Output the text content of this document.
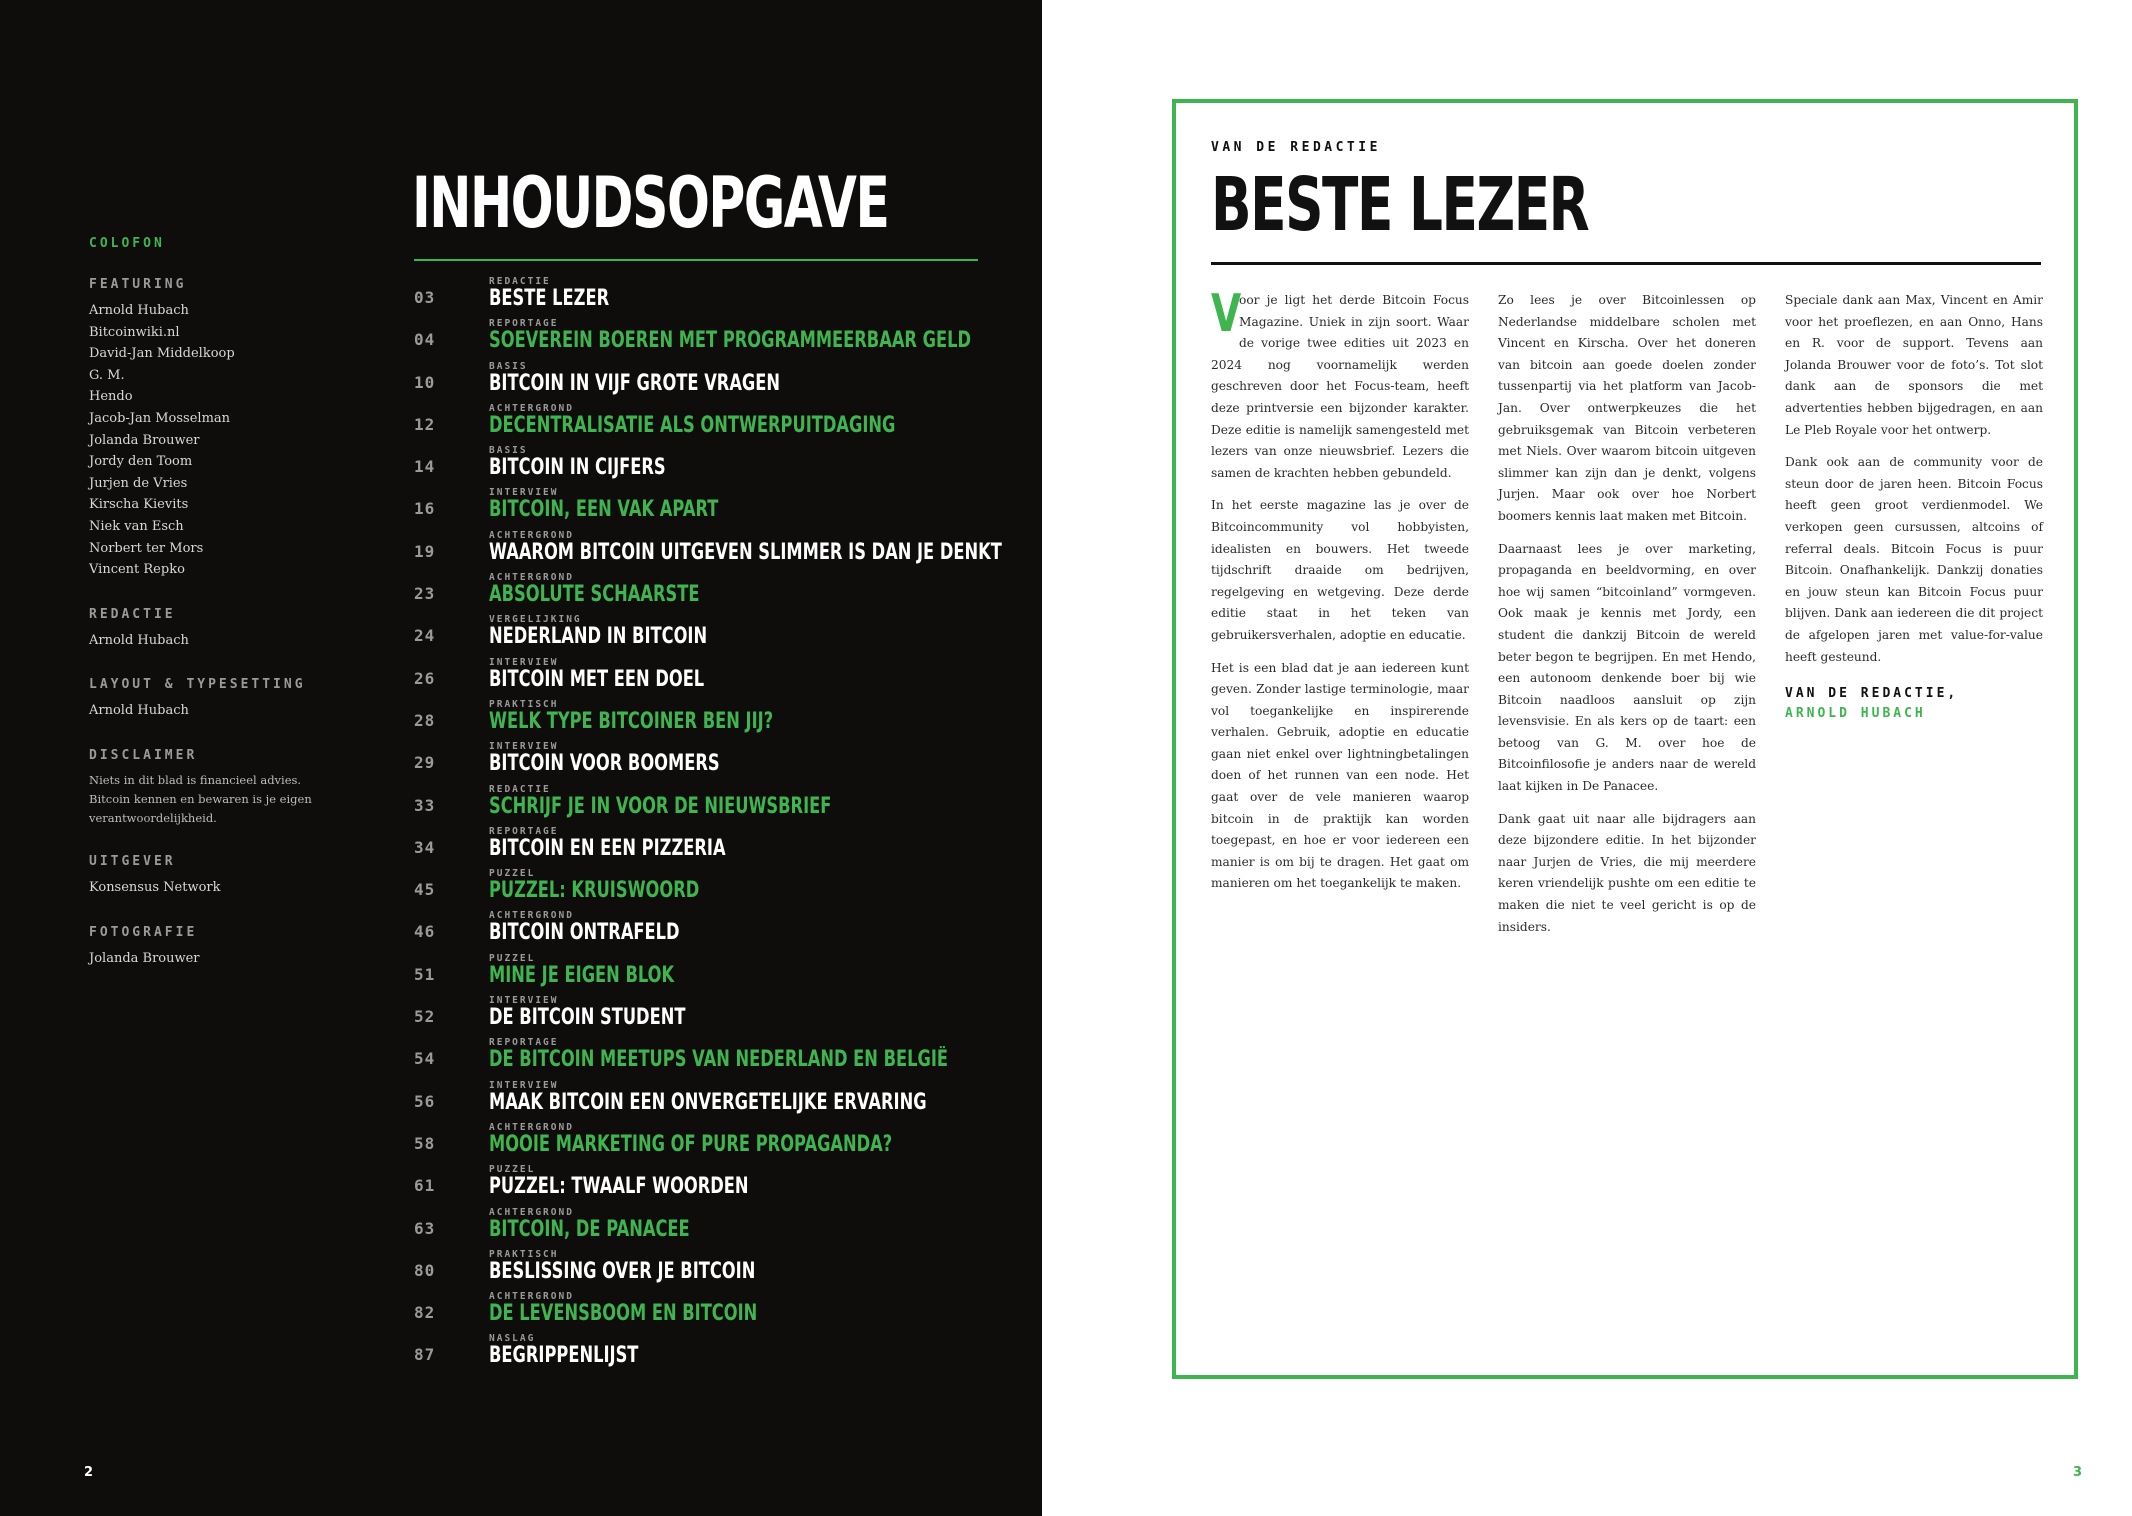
COLOFON
FEATURING
Arnold Hubach
Bitcoinwiki.nl
David-Jan Middelkoop
G. M.
Hendo
Jacob-Jan Mosselman
Jolanda Brouwer
Jordy den Toom
Jurjen de Vries
Kirscha Kievits
Niek van Esch
Norbert ter Mors
Vincent Repko
REDACTIE
Arnold Hubach
LAYOUT & TYPESETTING
Arnold Hubach
DISCLAIMER
Niets in dit blad is financieel advies. Bitcoin kennen en bewaren is je eigen verantwoordelijkheid.
UITGEVER
Konsensus Network
FOTOGRAFIE
Jolanda Brouwer
INHOUDSOPGAVE
03
REDACTIE
BESTE LEZER
04
REPORTAGE
SOEVEREIN BOEREN MET PROGRAMMEERBAAR GELD
10
BASIS
BITCOIN IN VIJF GROTE VRAGEN
12
ACHTERGROND
DECENTRALISATIE ALS ONTWERPUITDAGING
14
BASIS
BITCOIN IN CIJFERS
16
INTERVIEW
BITCOIN, EEN VAK APART
19
ACHTERGROND
WAAROM BITCOIN UITGEVEN SLIMMER IS DAN JE DENKT
23
ACHTERGROND
ABSOLUTE SCHAARSTE
24
VERGELIJKING
NEDERLAND IN BITCOIN
26
INTERVIEW
BITCOIN MET EEN DOEL
28
PRAKTISCH
WELK TYPE BITCOINER BEN JIJ?
29
INTERVIEW
BITCOIN VOOR BOOMERS
33
REDACTIE
SCHRIJF JE IN VOOR DE NIEUWSBRIEF
34
REPORTAGE
BITCOIN EN EEN PIZZERIA
45
PUZZEL
PUZZEL: KRUISWOORD
46
ACHTERGROND
BITCOIN ONTRAFELD
51
PUZZEL
MINE JE EIGEN BLOK
52
INTERVIEW
DE BITCOIN STUDENT
54
REPORTAGE
DE BITCOIN MEETUPS VAN NEDERLAND EN BELGIË
56
INTERVIEW
MAAK BITCOIN EEN ONVERGETELIJKE ERVARING
58
ACHTERGROND
MOOIE MARKETING OF PURE PROPAGANDA?
61
PUZZEL
PUZZEL: TWAALF WOORDEN
63
ACHTERGROND
BITCOIN, DE PANACEE
80
PRAKTISCH
BESLISSING OVER JE BITCOIN
82
ACHTERGROND
DE LEVENSBOOM EN BITCOIN
87
NASLAG
BEGRIPPENLIJST
2
VAN DE REDACTIE
BESTE LEZER

V
oor je ligt het derde Bitcoin Focus Magazine. Uniek in zijn soort. Waar de vorige twee edities uit 2023 en 2024 nog voornamelijk werden geschreven door het Focus-team, heeft deze printversie een bijzonder karakter. Deze editie is namelijk samengesteld met lezers van onze nieuwsbrief. Lezers die samen de krachten hebben gebundeld.

In het eerste magazine las je over de Bitcoincommunity vol hobbyisten, idealisten en bouwers. Het tweede tijdschrift draaide om bedrijven, regelgeving en wetgeving. Deze derde editie staat in het teken van gebruikersverhalen, adoptie en educatie.

Het is een blad dat je aan iedereen kunt geven. Zonder lastige terminologie, maar vol toegankelijke en inspirerende verhalen. Gebruik, adoptie en educatie gaan niet enkel over lightningbetalingen doen of het runnen van een node. Het gaat over de vele manieren waarop bitcoin in de praktijk kan worden toegepast, en hoe er voor iedereen een manier is om bij te dragen. Het gaat om manieren om het toegankelijk te maken.

Zo lees je over Bitcoinlessen op Nederlandse middelbare scholen met Vincent en Kirscha. Over het doneren van bitcoin aan goede doelen zonder tussenpartij via het platform van Jacob-Jan. Over ontwerpkeuzes die het gebruiksgemak van Bitcoin verbeteren met Niels. Over waarom bitcoin uitgeven slimmer kan zijn dan je denkt, volgens Jurjen. Maar ook over hoe Norbert boomers kennis laat maken met Bitcoin.

Daarnaast lees je over marketing, propaganda en beeldvorming, en over hoe wij samen “bitcoinland” vormgeven. Ook maak je kennis met Jordy, een student die dankzij Bitcoin de wereld beter begon te begrijpen. En met Hendo, een autonoom denkende boer bij wie Bitcoin naadloos aansluit op zijn levensvisie. En als kers op de taart: een betoog van G. M. over hoe de Bitcoinfilosofie je anders naar de wereld laat kijken in De Panacee.

Dank gaat uit naar alle bijdragers aan deze bijzondere editie. In het bijzonder naar Jurjen de Vries, die mij meerdere keren vriendelijk pushte om een editie te maken die niet te veel gericht is op de insiders.

Speciale dank aan Max, Vincent en Amir voor het proeflezen, en aan Onno, Hans en R. voor de support. Tevens aan Jolanda Brouwer voor de foto’s. Tot slot dank aan de sponsors die met advertenties hebben bijgedragen, en aan Le Pleb Royale voor het ontwerp.

Dank ook aan de community voor de steun door de jaren heen. Bitcoin Focus heeft geen groot verdienmodel. We verkopen geen cursussen, altcoins of referral deals. Bitcoin Focus is puur Bitcoin. Onafhankelijk. Dankzij donaties en jouw steun kan Bitcoin Focus puur blijven. Dank aan iedereen die dit project de afgelopen jaren met value-for-value heeft gesteund.

VAN DE REDACTIE,
ARNOLD HUBACH
3
